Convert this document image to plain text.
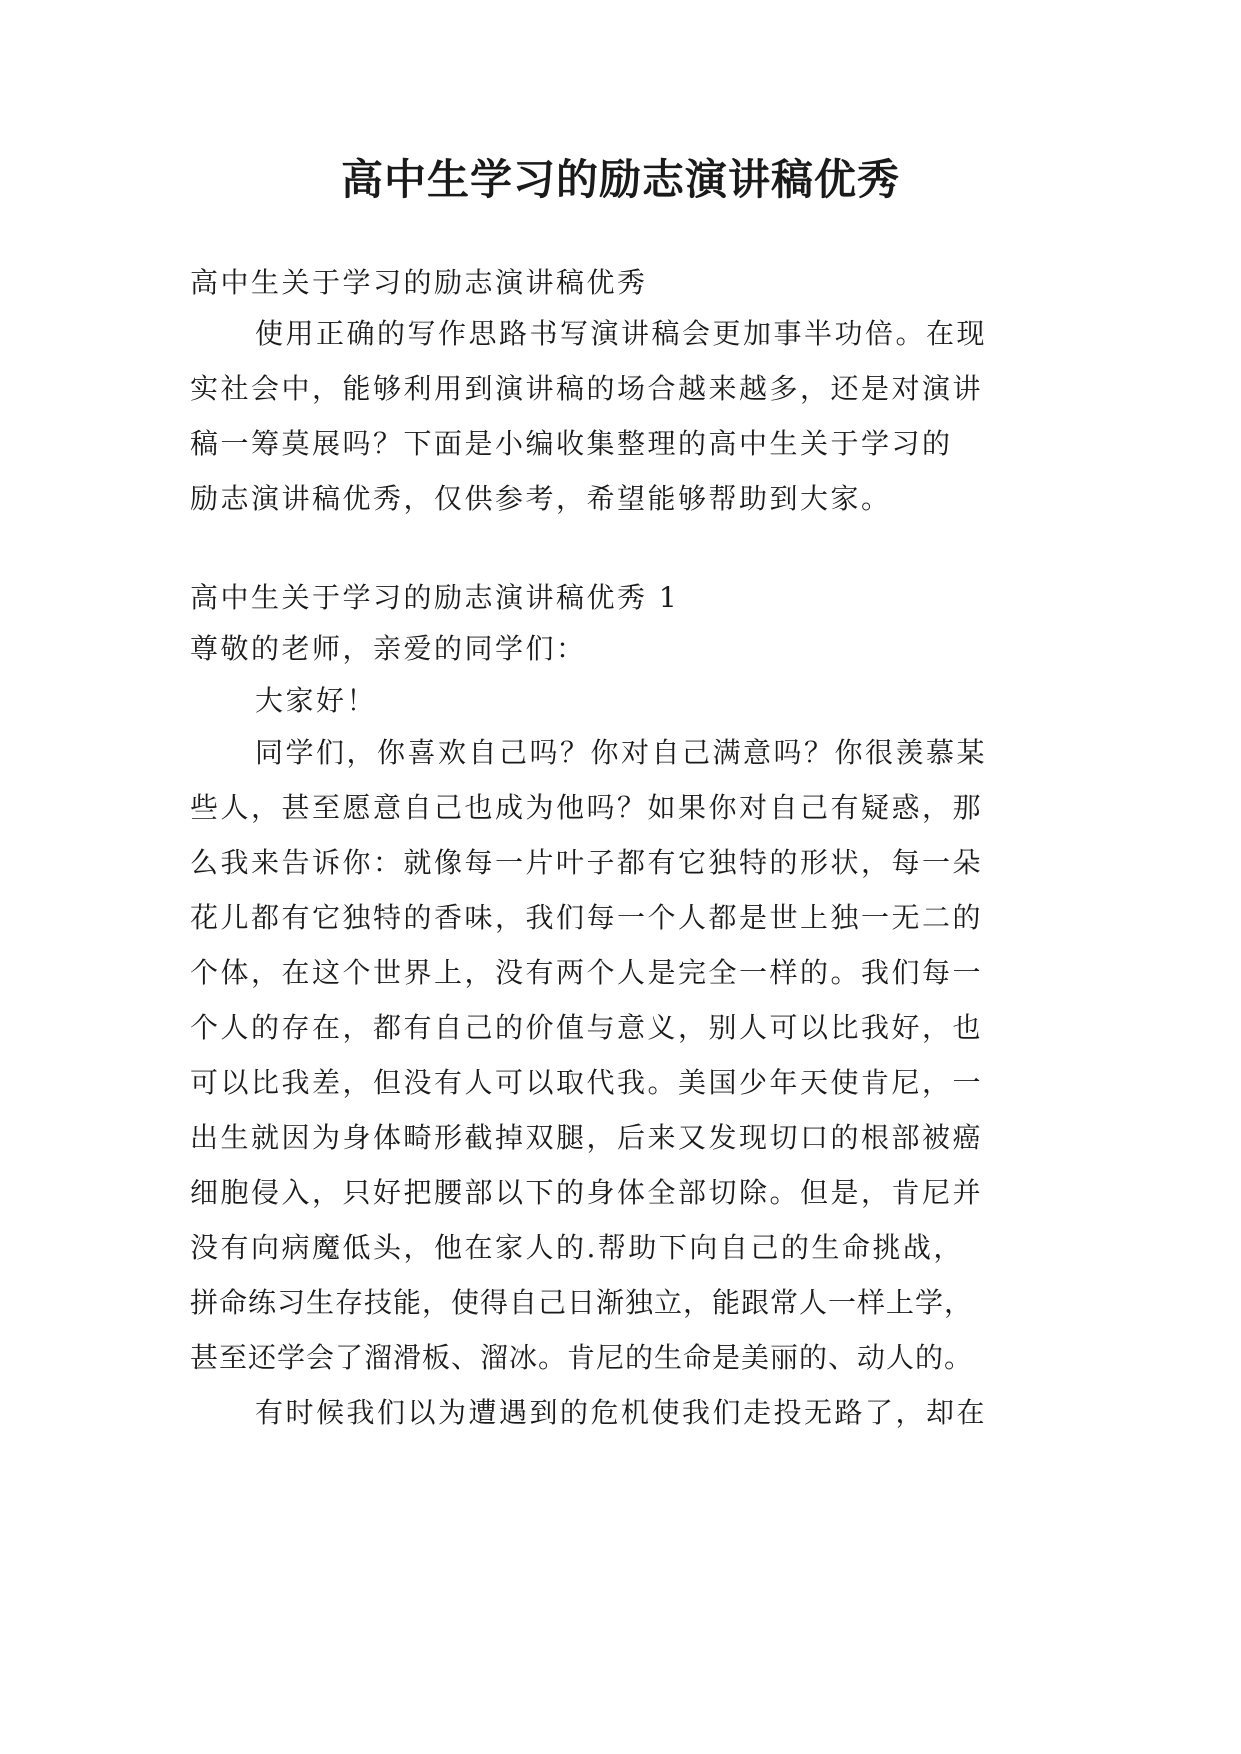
高中生学习的励志演讲稿优秀

高中生关于学习的励志演讲稿优秀

使用正确的写作思路书写演讲稿会更加事半功倍。在现

实社会中，能够利用到演讲稿的场合越来越多，还是对演讲

稿一筹莫展吗？下面是小编收集整理的高中生关于学习的

励志演讲稿优秀，仅供参考，希望能够帮助到大家。

高中生关于学习的励志演讲稿优秀 1

尊敬的老师，亲爱的同学们：

大家好！

同学们，你喜欢自己吗？你对自己满意吗？你很羡慕某

些人，甚至愿意自己也成为他吗？如果你对自己有疑惑，那

么我来告诉你：就像每一片叶子都有它独特的形状，每一朵

花儿都有它独特的香味，我们每一个人都是世上独一无二的

个体，在这个世界上，没有两个人是完全一样的。我们每一

个人的存在，都有自己的价值与意义，别人可以比我好，也

可以比我差，但没有人可以取代我。美国少年天使肯尼，一

出生就因为身体畸形截掉双腿，后来又发现切口的根部被癌

细胞侵入，只好把腰部以下的身体全部切除。但是，肯尼并

没有向病魔低头，他在家人的.帮助下向自己的生命挑战，

拼命练习生存技能，使得自己日渐独立，能跟常人一样上学，

甚至还学会了溜滑板、溜冰。肯尼的生命是美丽的、动人的。

有时候我们以为遭遇到的危机使我们走投无路了，却在
